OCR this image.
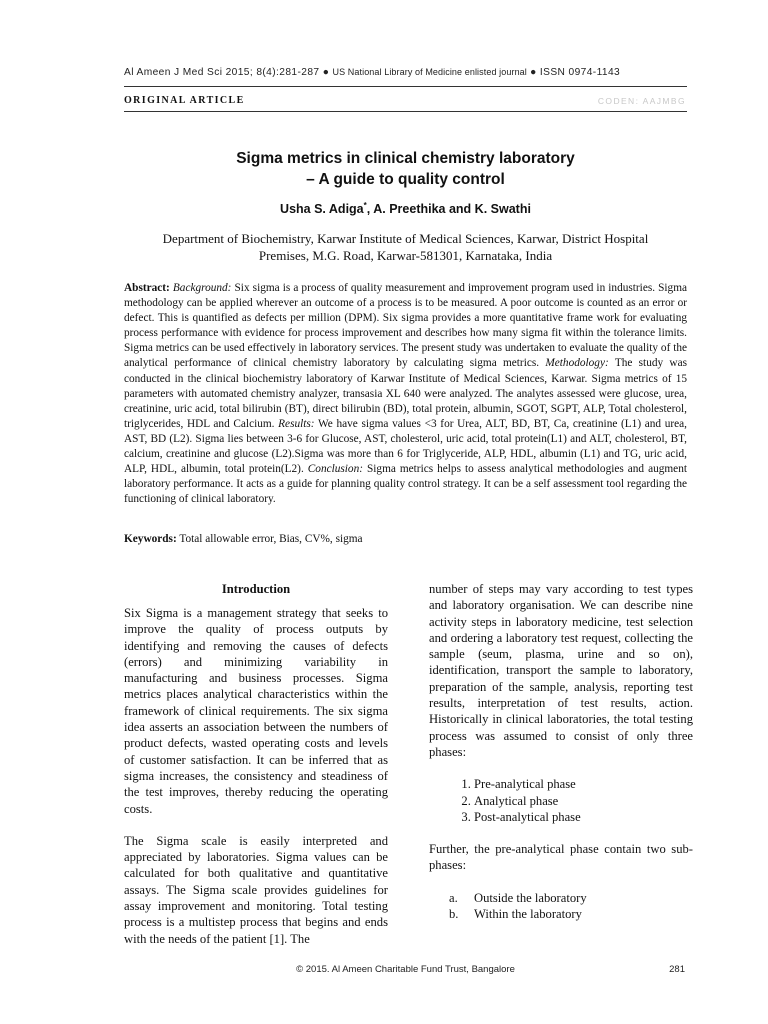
Al Ameen J Med Sci 2015; 8(4):281-287 ● US National Library of Medicine enlisted journal ● ISSN 0974-1143
ORIGINAL ARTICLE	CODEN: AAJMBG
Sigma metrics in clinical chemistry laboratory
– A guide to quality control
Usha S. Adiga*, A. Preethika and K. Swathi
Department of Biochemistry, Karwar Institute of Medical Sciences, Karwar, District Hospital
Premises, M.G. Road, Karwar-581301, Karnataka, India
Abstract: Background: Six sigma is a process of quality measurement and improvement program used in industries. Sigma methodology can be applied wherever an outcome of a process is to be measured. A poor outcome is counted as an error or defect. This is quantified as defects per million (DPM). Six sigma provides a more quantitative frame work for evaluating process performance with evidence for process improvement and describes how many sigma fit within the tolerance limits. Sigma metrics can be used effectively in laboratory services. The present study was undertaken to evaluate the quality of the analytical performance of clinical chemistry laboratory by calculating sigma metrics. Methodology: The study was conducted in the clinical biochemistry laboratory of Karwar Institute of Medical Sciences, Karwar. Sigma metrics of 15 parameters with automated chemistry analyzer, transasia XL 640 were analyzed. The analytes assessed were glucose, urea, creatinine, uric acid, total bilirubin (BT), direct bilirubin (BD), total protein, albumin, SGOT, SGPT, ALP, Total cholesterol, triglycerides, HDL and Calcium. Results: We have sigma values <3 for Urea, ALT, BD, BT, Ca, creatinine (L1) and urea, AST, BD (L2). Sigma lies between 3-6 for Glucose, AST, cholesterol, uric acid, total protein(L1) and ALT, cholesterol, BT, calcium, creatinine and glucose (L2).Sigma was more than 6 for Triglyceride, ALP, HDL, albumin (L1) and TG, uric acid, ALP, HDL, albumin, total protein(L2). Conclusion: Sigma metrics helps to assess analytical methodologies and augment laboratory performance. It acts as a guide for planning quality control strategy. It can be a self assessment tool regarding the functioning of clinical laboratory.
Keywords: Total allowable error, Bias, CV%, sigma
Introduction

Six Sigma is a management strategy that seeks to improve the quality of process outputs by identifying and removing the causes of defects (errors) and minimizing variability in manufacturing and business processes. Sigma metrics places analytical characteristics within the framework of clinical requirements. The six sigma idea asserts an association between the numbers of product defects, wasted operating costs and levels of customer satisfaction. It can be inferred that as sigma increases, the consistency and steadiness of the test improves, thereby reducing the operating costs.

The Sigma scale is easily interpreted and appreciated by laboratories. Sigma values can be calculated for both qualitative and quantitative assays. The Sigma scale provides guidelines for assay improvement and monitoring. Total testing process is a multistep process that begins and ends with the needs of the patient [1]. The

number of steps may vary according to test types and laboratory organisation. We can describe nine activity steps in laboratory medicine, test selection and ordering a laboratory test request, collecting the sample (seum, plasma, urine and so on), identification, transport the sample to laboratory, preparation of the sample, analysis, reporting test results, interpretation of test results, action. Historically in clinical laboratories, the total testing process was assumed to consist of only three phases:

1. Pre-analytical phase
2. Analytical phase
3. Post-analytical phase

Further, the pre-analytical phase contain two sub-phases:

a. Outside the laboratory
b. Within the laboratory
© 2015. Al Ameen Charitable Fund Trust, Bangalore	281
